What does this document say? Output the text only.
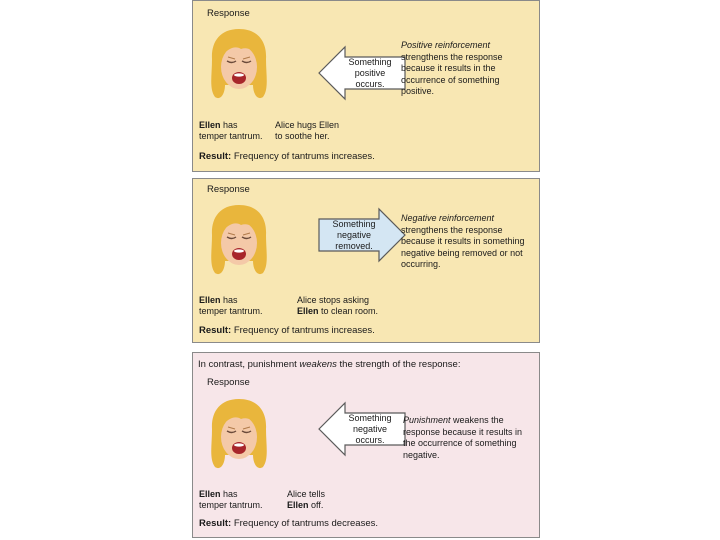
Response
Something
positive
occurs.
Positive reinforcement strengthens the response because it results in the occurrence of something positive.
Ellen has
temper tantrum.
Alice hugs Ellen
to soothe her.
Result: Frequency of tantrums increases.
Response
Something
negative
removed.
Negative reinforcement strengthens the response because it results in something negative being removed or not occurring.
Ellen has
temper tantrum.
Alice stops asking
Ellen to clean room.
Result: Frequency of tantrums increases.
In contrast, punishment weakens the strength of the response:
Response
Something
negative
occurs.
Punishment weakens the response because it results in the occurrence of something negative.
Ellen has
temper tantrum.
Alice tells
Ellen off.
Result: Frequency of tantrums decreases.
